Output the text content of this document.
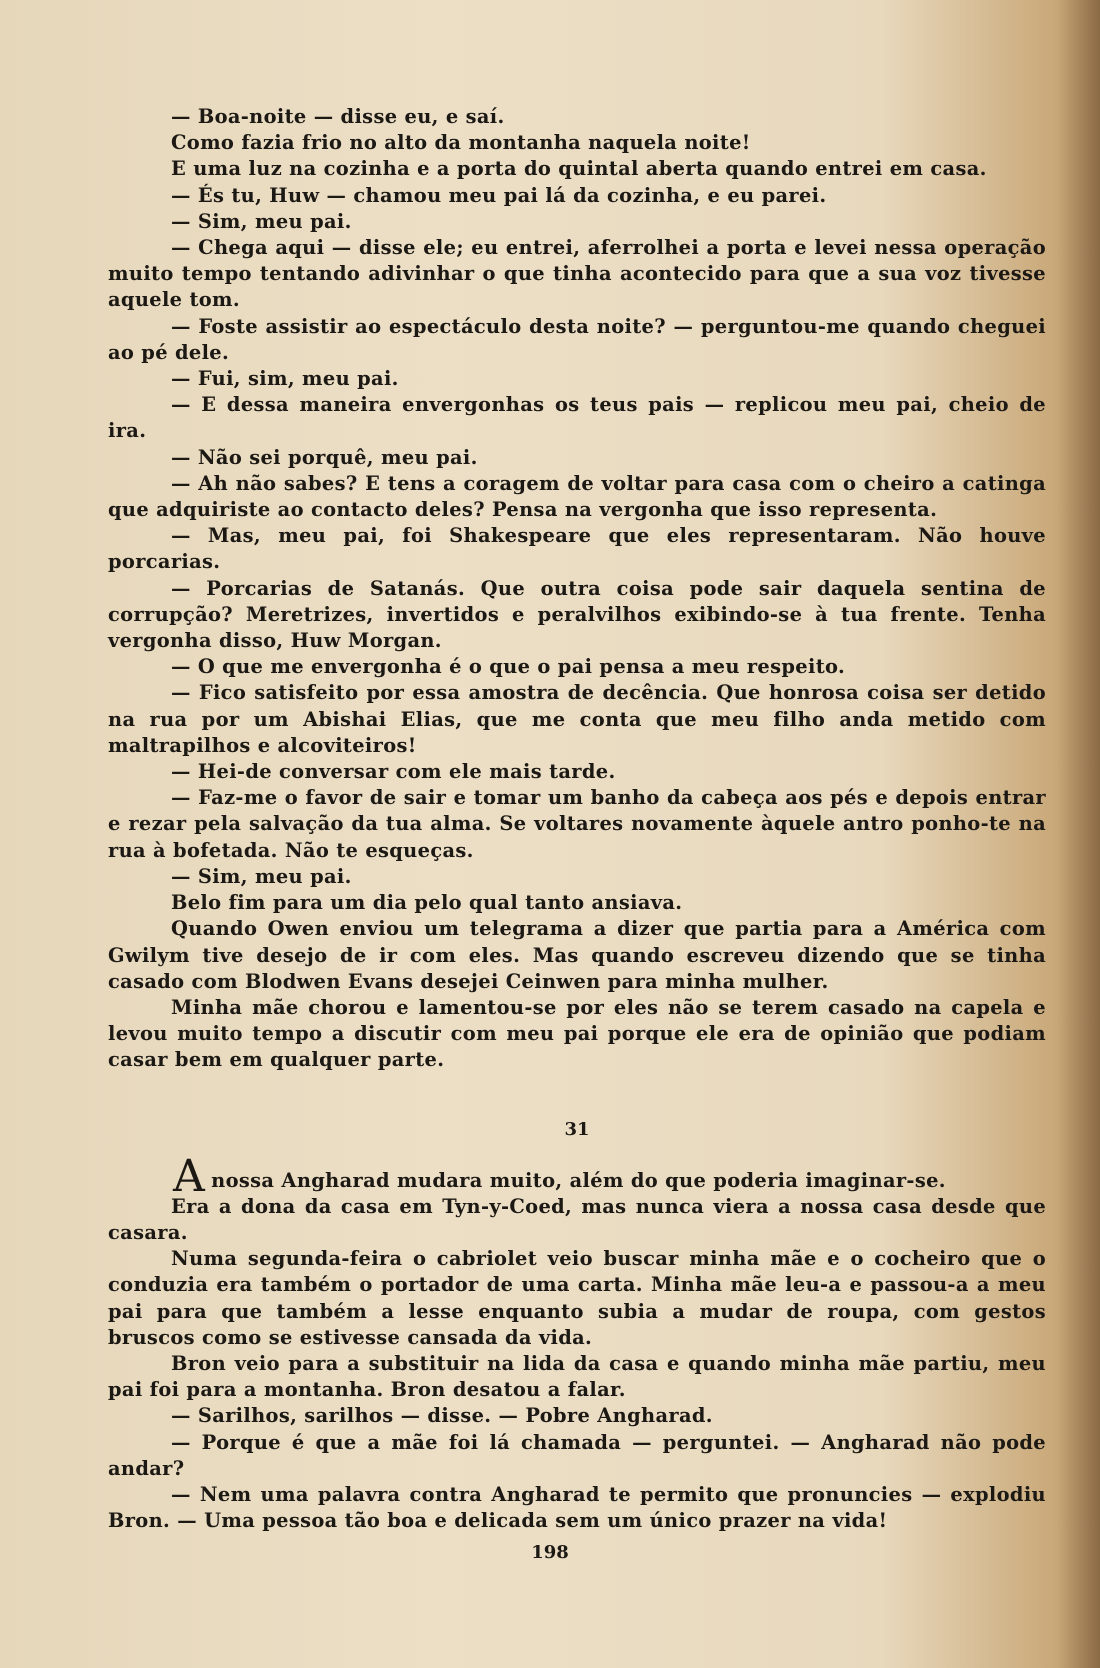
— Boa-noite — disse eu, e saí.

Como fazia frio no alto da montanha naquela noite!

E uma luz na cozinha e a porta do quintal aberta quando entrei em casa.

— És tu, Huw — chamou meu pai lá da cozinha, e eu parei.

— Sim, meu pai.

— Chega aqui — disse ele; eu entrei, aferrolhei a porta e levei nessa operação muito tempo tentando adivinhar o que tinha acontecido para que a sua voz tivesse aquele tom.

— Foste assistir ao espectáculo desta noite? — perguntou-me quando cheguei ao pé dele.

— Fui, sim, meu pai.

— E dessa maneira envergonhas os teus pais — replicou meu pai, cheio de ira.

— Não sei porquê, meu pai.

— Ah não sabes? E tens a coragem de voltar para casa com o cheiro a catinga que adquiriste ao contacto deles? Pensa na vergonha que isso representa.

— Mas, meu pai, foi Shakespeare que eles representaram. Não houve porcarias.

— Porcarias de Satanás. Que outra coisa pode sair daquela sentina de corrupção? Meretrizes, invertidos e peralvilhos exibindo-se à tua frente. Tenha vergonha disso, Huw Morgan.

— O que me envergonha é o que o pai pensa a meu respeito.

— Fico satisfeito por essa amostra de decência. Que honrosa coisa ser detido na rua por um Abishai Elias, que me conta que meu filho anda metido com maltrapilhos e alcoviteiros!

— Hei-de conversar com ele mais tarde.

— Faz-me o favor de sair e tomar um banho da cabeça aos pés e depois entrar e rezar pela salvação da tua alma. Se voltares novamente àquele antro ponho-te na rua à bofetada. Não te esqueças.

— Sim, meu pai.

Belo fim para um dia pelo qual tanto ansiava.

Quando Owen enviou um telegrama a dizer que partia para a América com Gwilym tive desejo de ir com eles. Mas quando escreveu dizendo que se tinha casado com Blodwen Evans desejei Ceinwen para minha mulher.

Minha mãe chorou e lamentou-se por eles não se terem casado na capela e levou muito tempo a discutir com meu pai porque ele era de opinião que podiam casar bem em qualquer parte.

31

Anossa Angharad mudara muito, além do que poderia imaginar-se.

Era a dona da casa em Tyn-y-Coed, mas nunca viera a nossa casa desde que casara.

Numa segunda-feira o cabriolet veio buscar minha mãe e o cocheiro que o conduzia era também o portador de uma carta. Minha mãe leu-a e passou-a a meu pai para que também a lesse enquanto subia a mudar de roupa, com gestos bruscos como se estivesse cansada da vida.

Bron veio para a substituir na lida da casa e quando minha mãe partiu, meu pai foi para a montanha. Bron desatou a falar.

— Sarilhos, sarilhos — disse. — Pobre Angharad.

— Porque é que a mãe foi lá chamada — perguntei. — Angharad não pode andar?

— Nem uma palavra contra Angharad te permito que pronuncies — explodiu Bron. — Uma pessoa tão boa e delicada sem um único prazer na vida!

198
